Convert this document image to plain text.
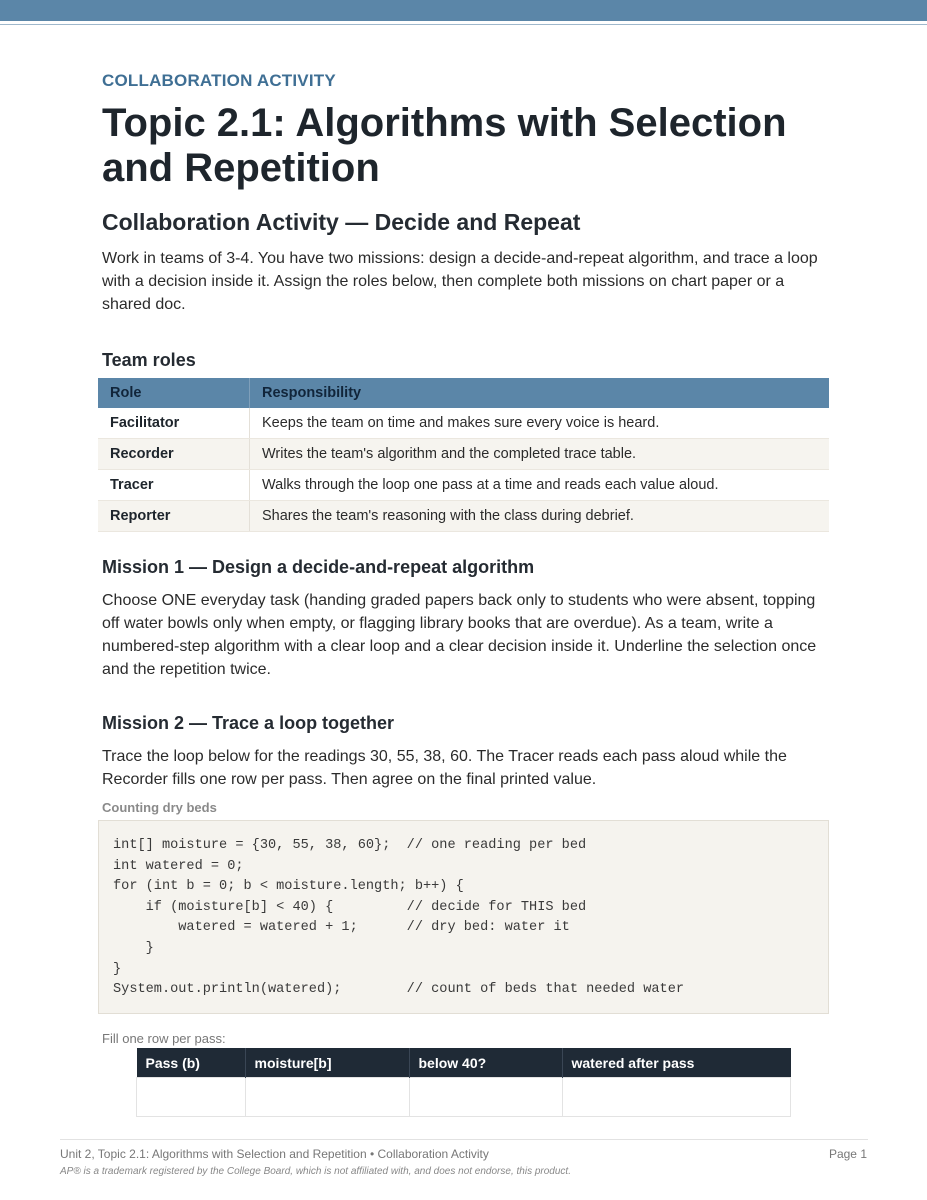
COLLABORATION ACTIVITY
Topic 2.1: Algorithms with Selection and Repetition
Collaboration Activity — Decide and Repeat

Work in teams of 3-4. You have two missions: design a decide-and-repeat algorithm, and trace a loop with a decision inside it. Assign the roles below, then complete both missions on chart paper or a shared doc.

Team roles
Role	Responsibility
Facilitator	Keeps the team on time and makes sure every voice is heard.
Recorder	Writes the team's algorithm and the completed trace table.
Tracer	Walks through the loop one pass at a time and reads each value aloud.
Reporter	Shares the team's reasoning with the class during debrief.
Mission 1 — Design a decide-and-repeat algorithm

Choose ONE everyday task (handing graded papers back only to students who were absent, topping off water bowls only when empty, or flagging library books that are overdue). As a team, write a numbered-step algorithm with a clear loop and a clear decision inside it. Underline the selection once and the repetition twice.

Mission 2 — Trace a loop together

Trace the loop below for the readings 30, 55, 38, 60. The Tracer reads each pass aloud while the Recorder fills one row per pass. Then agree on the final printed value.

Counting dry beds
int[] moisture = {30, 55, 38, 60};  // one reading per bed
int watered = 0;
for (int b = 0; b < moisture.length; b++) {
if (moisture[b] < 40) {         // decide for THIS bed
watered = watered + 1;      // dry bed: water it
}
}
System.out.println(watered);        // count of beds that needed water
Fill one row per pass:
Pass (b)	moisture[b]	below 40?	watered after pass

Unit 2, Topic 2.1: Algorithms with Selection and Repetition • Collaboration Activity	Page 1
AP® is a trademark registered by the College Board, which is not affiliated with, and does not endorse, this product.
